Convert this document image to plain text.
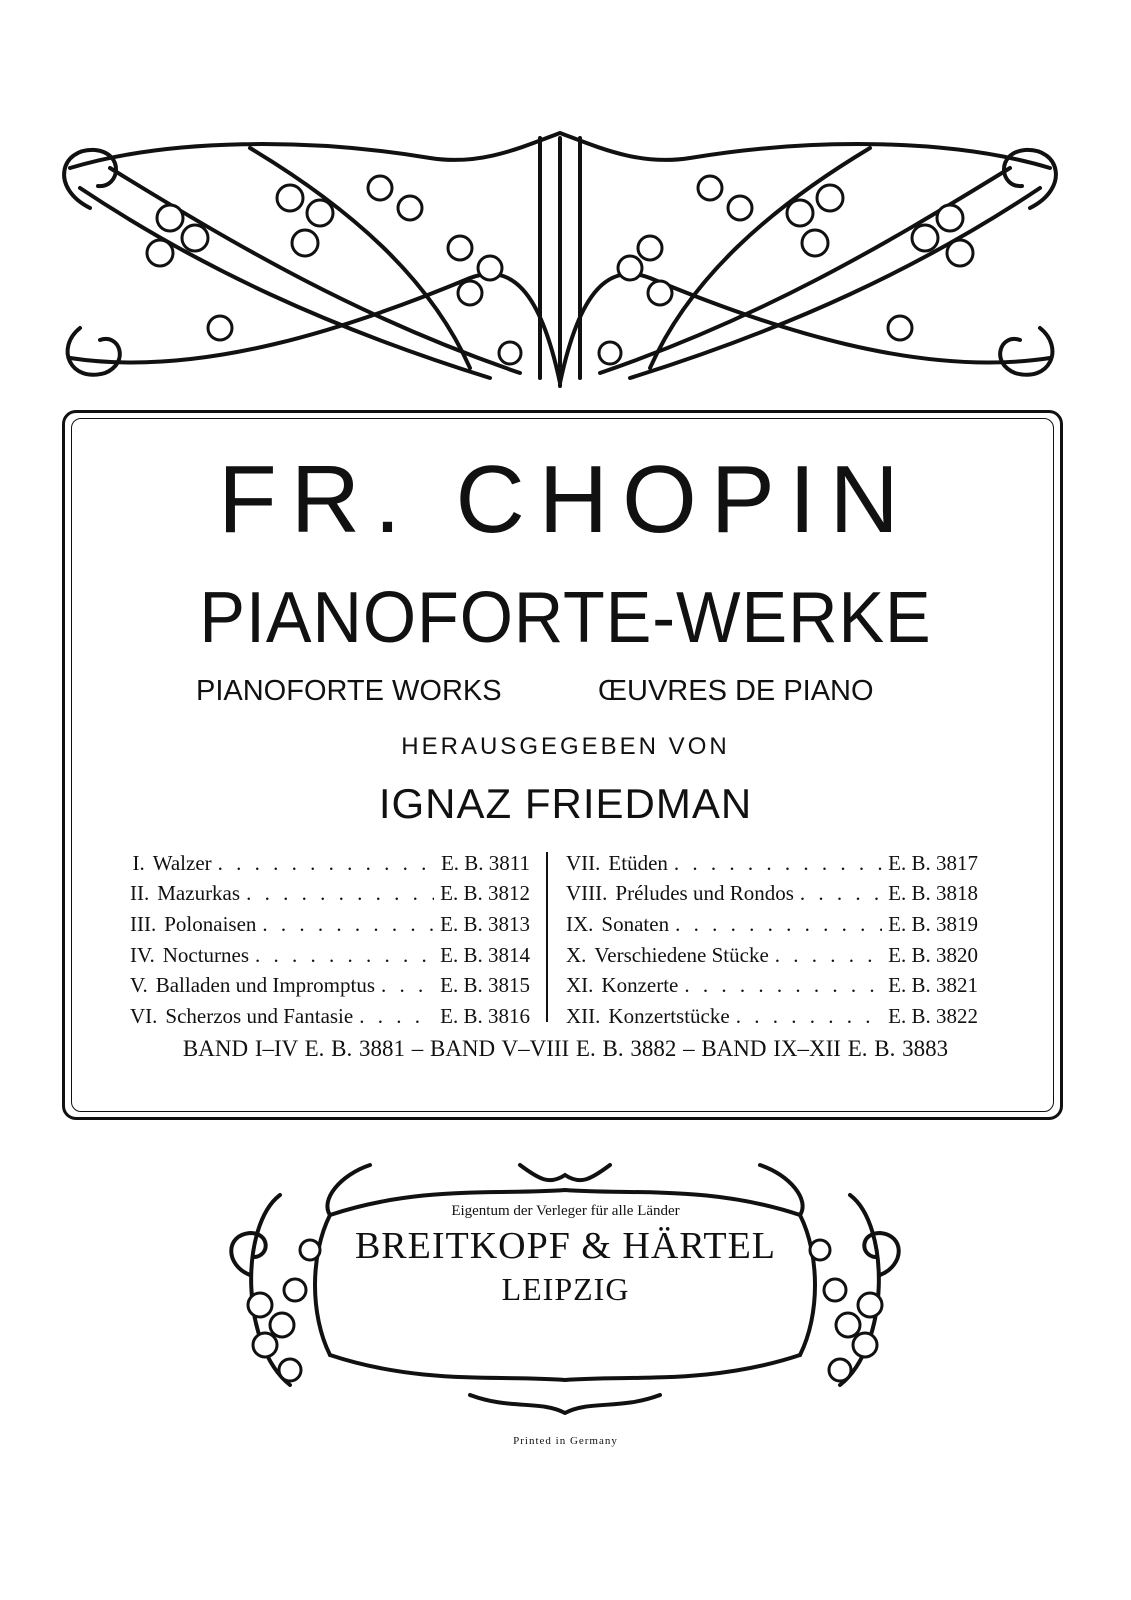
FR. CHOPIN
PIANOFORTE-WERKE
PIANOFORTE WORKS	ŒUVRES DE PIANO
HERAUSGEGEBEN VON
IGNAZ FRIEDMAN
I. Walzer . . .	E. B. 3811
II. Mazurkas . . .	E. B. 3812
III. Polonaisen . . .	E. B. 3813
IV. Nocturnes . . .	E. B. 3814
V. Balladen und Impromptus . . .	E. B. 3815
VI. Scherzos und Fantasie . . .	E. B. 3816
VII. Etüden . . .	E. B. 3817
VIII. Préludes und Rondos . . .	E. B. 3818
IX. Sonaten . . .	E. B. 3819
X. Verschiedene Stücke . . .	E. B. 3820
XI. Konzerte . . .	E. B. 3821
XII. Konzertstücke . . .	E. B. 3822
BAND I–IV E. B. 3881 – BAND V–VIII E. B. 3882 – BAND IX–XII E. B. 3883
Eigentum der Verleger für alle Länder
BREITKOPF & HÄRTEL
LEIPZIG
Printed in Germany
